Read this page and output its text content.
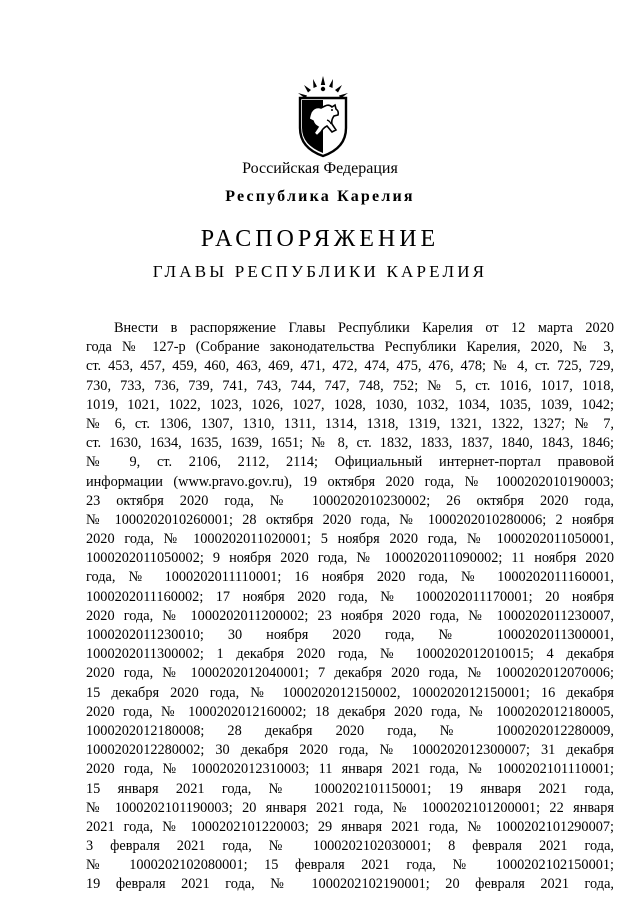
Российская Федерация
Республика Карелия
РАСПОРЯЖЕНИЕ
ГЛАВЫ РЕСПУБЛИКИ КАРЕЛИЯ
Внести в распоряжение Главы Республики Карелия от 12 марта 2020
года № 127-р (Собрание законодательства Республики Карелия, 2020, № 3,
ст. 453, 457, 459, 460, 463, 469, 471, 472, 474, 475, 476, 478; № 4, ст. 725, 729,
730, 733, 736, 739, 741, 743, 744, 747, 748, 752; № 5, ст. 1016, 1017, 1018,
1019, 1021, 1022, 1023, 1026, 1027, 1028, 1030, 1032, 1034, 1035, 1039, 1042;
№ 6, ст. 1306, 1307, 1310, 1311, 1314, 1318, 1319, 1321, 1322, 1327; № 7,
ст. 1630, 1634, 1635, 1639, 1651; № 8, ст. 1832, 1833, 1837, 1840, 1843, 1846;
№ 9, ст. 2106, 2112, 2114; Официальный интернет-портал правовой
информации (www.pravo.gov.ru), 19 октября 2020 года, № 1000202010190003;
23 октября 2020 года, № 1000202010230002; 26 октября 2020 года,
№ 1000202010260001; 28 октября 2020 года, № 1000202010280006; 2 ноября
2020 года, № 1000202011020001; 5 ноября 2020 года, № 1000202011050001,
1000202011050002; 9 ноября 2020 года, № 1000202011090002; 11 ноября 2020
года, № 1000202011110001; 16 ноября 2020 года, № 1000202011160001,
1000202011160002; 17 ноября 2020 года, № 1000202011170001; 20 ноября
2020 года, № 1000202011200002; 23 ноября 2020 года, № 1000202011230007,
1000202011230010; 30 ноября 2020 года, № 1000202011300001,
1000202011300002; 1 декабря 2020 года, № 1000202012010015; 4 декабря
2020 года, № 1000202012040001; 7 декабря 2020 года, № 1000202012070006;
15 декабря 2020 года, № 1000202012150002, 1000202012150001; 16 декабря
2020 года, № 1000202012160002; 18 декабря 2020 года, № 1000202012180005,
1000202012180008; 28 декабря 2020 года, № 1000202012280009,
1000202012280002; 30 декабря 2020 года, № 1000202012300007; 31 декабря
2020 года, № 1000202012310003; 11 января 2021 года, № 1000202101110001;
15 января 2021 года, № 1000202101150001; 19 января 2021 года,
№ 1000202101190003; 20 января 2021 года, № 1000202101200001; 22 января
2021 года, № 1000202101220003; 29 января 2021 года, № 1000202101290007;
3 февраля 2021 года, № 1000202102030001; 8 февраля 2021 года,
№ 1000202102080001; 15 февраля 2021 года, № 1000202102150001;
19 февраля 2021 года, № 1000202102190001; 20 февраля 2021 года,
